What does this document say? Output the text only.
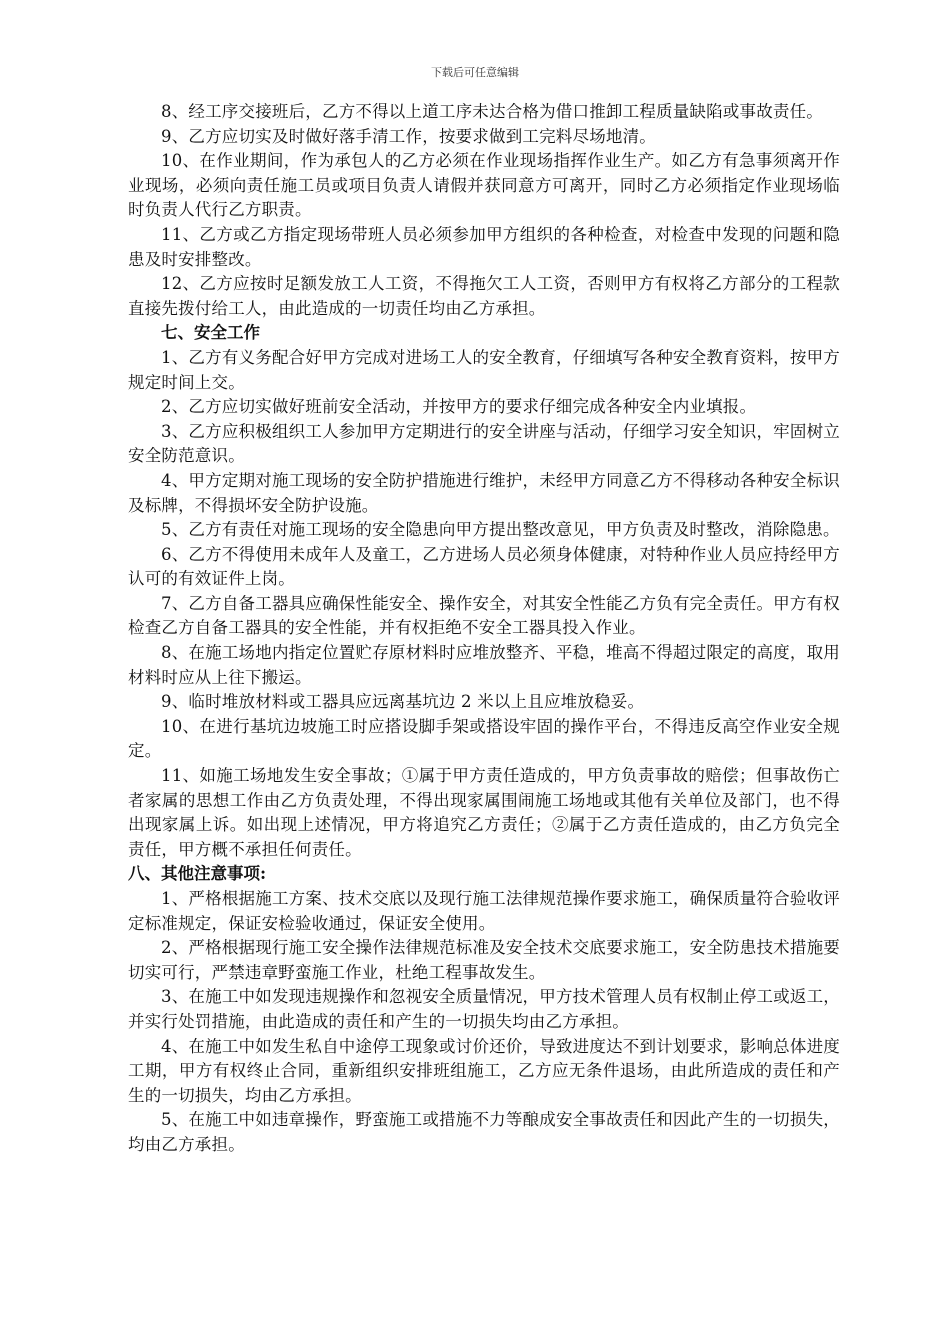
下载后可任意编辑

8、经工序交接班后，乙方不得以上道工序未达合格为借口推卸工程质量缺陷或事故责任。

9、乙方应切实及时做好落手清工作，按要求做到工完料尽场地清。

10、在作业期间，作为承包人的乙方必须在作业现场指挥作业生产。如乙方有急事须离开作业现场，必须向责任施工员或项目负责人请假并获同意方可离开，同时乙方必须指定作业现场临时负责人代行乙方职责。

11、乙方或乙方指定现场带班人员必须参加甲方组织的各种检查，对检查中发现的问题和隐患及时安排整改。

12、乙方应按时足额发放工人工资，不得拖欠工人工资，否则甲方有权将乙方部分的工程款直接先拨付给工人，由此造成的一切责任均由乙方承担。

七、安全工作

1、乙方有义务配合好甲方完成对进场工人的安全教育，仔细填写各种安全教育资料，按甲方规定时间上交。

2、乙方应切实做好班前安全活动，并按甲方的要求仔细完成各种安全内业填报。

3、乙方应积极组织工人参加甲方定期进行的安全讲座与活动，仔细学习安全知识，牢固树立安全防范意识。

4、甲方定期对施工现场的安全防护措施进行维护，未经甲方同意乙方不得移动各种安全标识及标牌，不得损坏安全防护设施。

5、乙方有责任对施工现场的安全隐患向甲方提出整改意见，甲方负责及时整改，消除隐患。

6、乙方不得使用未成年人及童工，乙方进场人员必须身体健康，对特种作业人员应持经甲方认可的有效证件上岗。

7、乙方自备工器具应确保性能安全、操作安全，对其安全性能乙方负有完全责任。甲方有权检查乙方自备工器具的安全性能，并有权拒绝不安全工器具投入作业。

8、在施工场地内指定位置贮存原材料时应堆放整齐、平稳，堆高不得超过限定的高度，取用材料时应从上往下搬运。

9、临时堆放材料或工器具应远离基坑边 2 米以上且应堆放稳妥。

10、在进行基坑边坡施工时应搭设脚手架或搭设牢固的操作平台，不得违反高空作业安全规定。

11、如施工场地发生安全事故；①属于甲方责任造成的，甲方负责事故的赔偿；但事故伤亡者家属的思想工作由乙方负责处理，不得出现家属围闹施工场地或其他有关单位及部门，也不得出现家属上诉。如出现上述情况，甲方将追究乙方责任；②属于乙方责任造成的，由乙方负完全责任，甲方概不承担任何责任。

八、其他注意事项:

1、严格根据施工方案、技术交底以及现行施工法律规范操作要求施工，确保质量符合验收评定标准规定，保证安检验收通过，保证安全使用。

2、严格根据现行施工安全操作法律规范标准及安全技术交底要求施工，安全防患技术措施要切实可行，严禁违章野蛮施工作业，杜绝工程事故发生。

3、在施工中如发现违规操作和忽视安全质量情况，甲方技术管理人员有权制止停工或返工，并实行处罚措施，由此造成的责任和产生的一切损失均由乙方承担。

4、在施工中如发生私自中途停工现象或讨价还价，导致进度达不到计划要求，影响总体进度工期，甲方有权终止合同，重新组织安排班组施工，乙方应无条件退场，由此所造成的责任和产生的一切损失，均由乙方承担。

5、在施工中如违章操作，野蛮施工或措施不力等酿成安全事故责任和因此产生的一切损失，均由乙方承担。
